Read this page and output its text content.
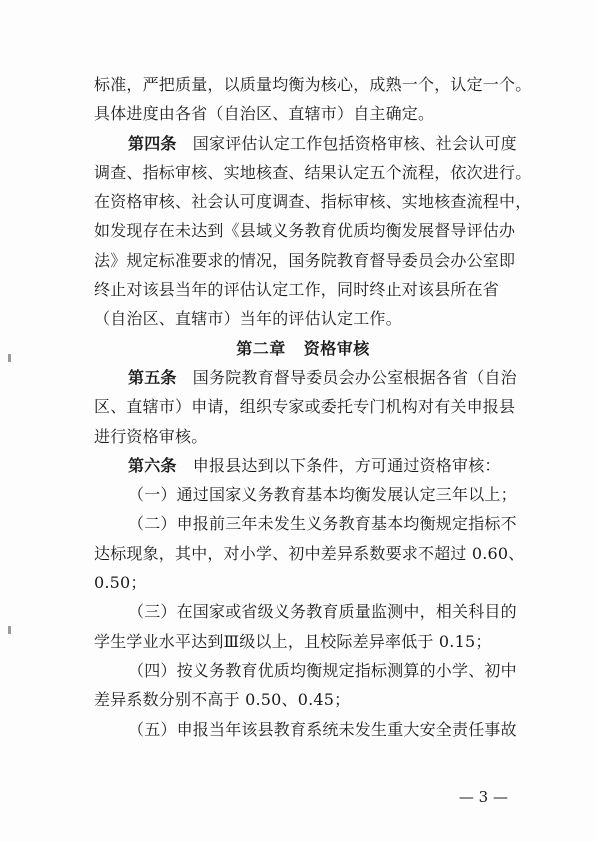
标准，严把质量，以质量均衡为核心，成熟一个，认定一个。
具体进度由各省（自治区、直辖市）自主确定。
第四条　国家评估认定工作包括资格审核、社会认可度
调查、指标审核、实地核查、结果认定五个流程，依次进行。
在资格审核、社会认可度调查、指标审核、实地核查流程中，
如发现存在未达到《县域义务教育优质均衡发展督导评估办
法》规定标准要求的情况，国务院教育督导委员会办公室即
终止对该县当年的评估认定工作，同时终止对该县所在省
（自治区、直辖市）当年的评估认定工作。
第二章 资格审核
第五条　国务院教育督导委员会办公室根据各省（自治
区、直辖市）申请，组织专家或委托专门机构对有关申报县
进行资格审核。
第六条　申报县达到以下条件，方可通过资格审核：
（一）通过国家义务教育基本均衡发展认定三年以上；
（二）申报前三年未发生义务教育基本均衡规定指标不
达标现象，其中，对小学、初中差异系数要求不超过 0.60、
0.50；
（三）在国家或省级义务教育质量监测中，相关科目的
学生学业水平达到Ⅲ级以上，且校际差异率低于 0.15；
（四）按义务教育优质均衡规定指标测算的小学、初中
差异系数分别不高于 0.50、0.45；
（五）申报当年该县教育系统未发生重大安全责任事故
— 3 —
